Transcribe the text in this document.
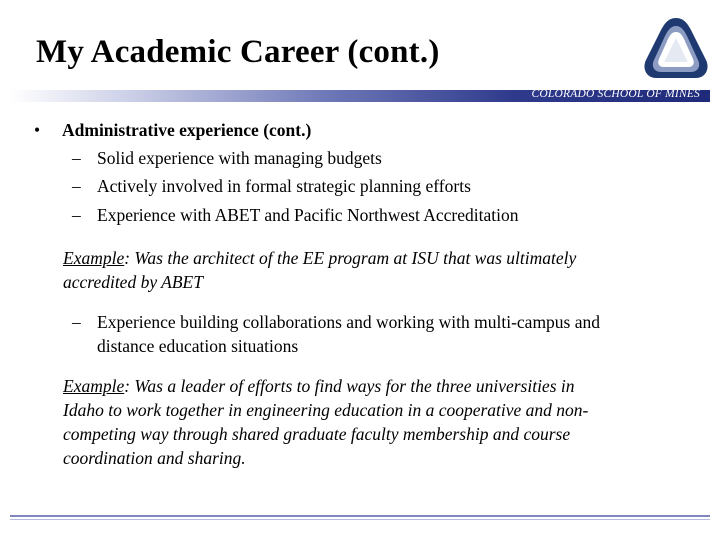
My Academic Career (cont.)
COLORADO SCHOOL OF MINES
• Administrative experience (cont.)
– Solid experience with managing budgets
– Actively involved in formal strategic planning efforts
– Experience with ABET and Pacific Northwest Accreditation
Example: Was the architect of the EE program at ISU that was ultimately
accredited by ABET
– Experience building collaborations and working with multi-campus and
distance education situations
Example: Was a leader of efforts to find ways for the three universities in
Idaho to work together in engineering education in a cooperative and non-
competing way through shared graduate faculty membership and course
coordination and sharing.
